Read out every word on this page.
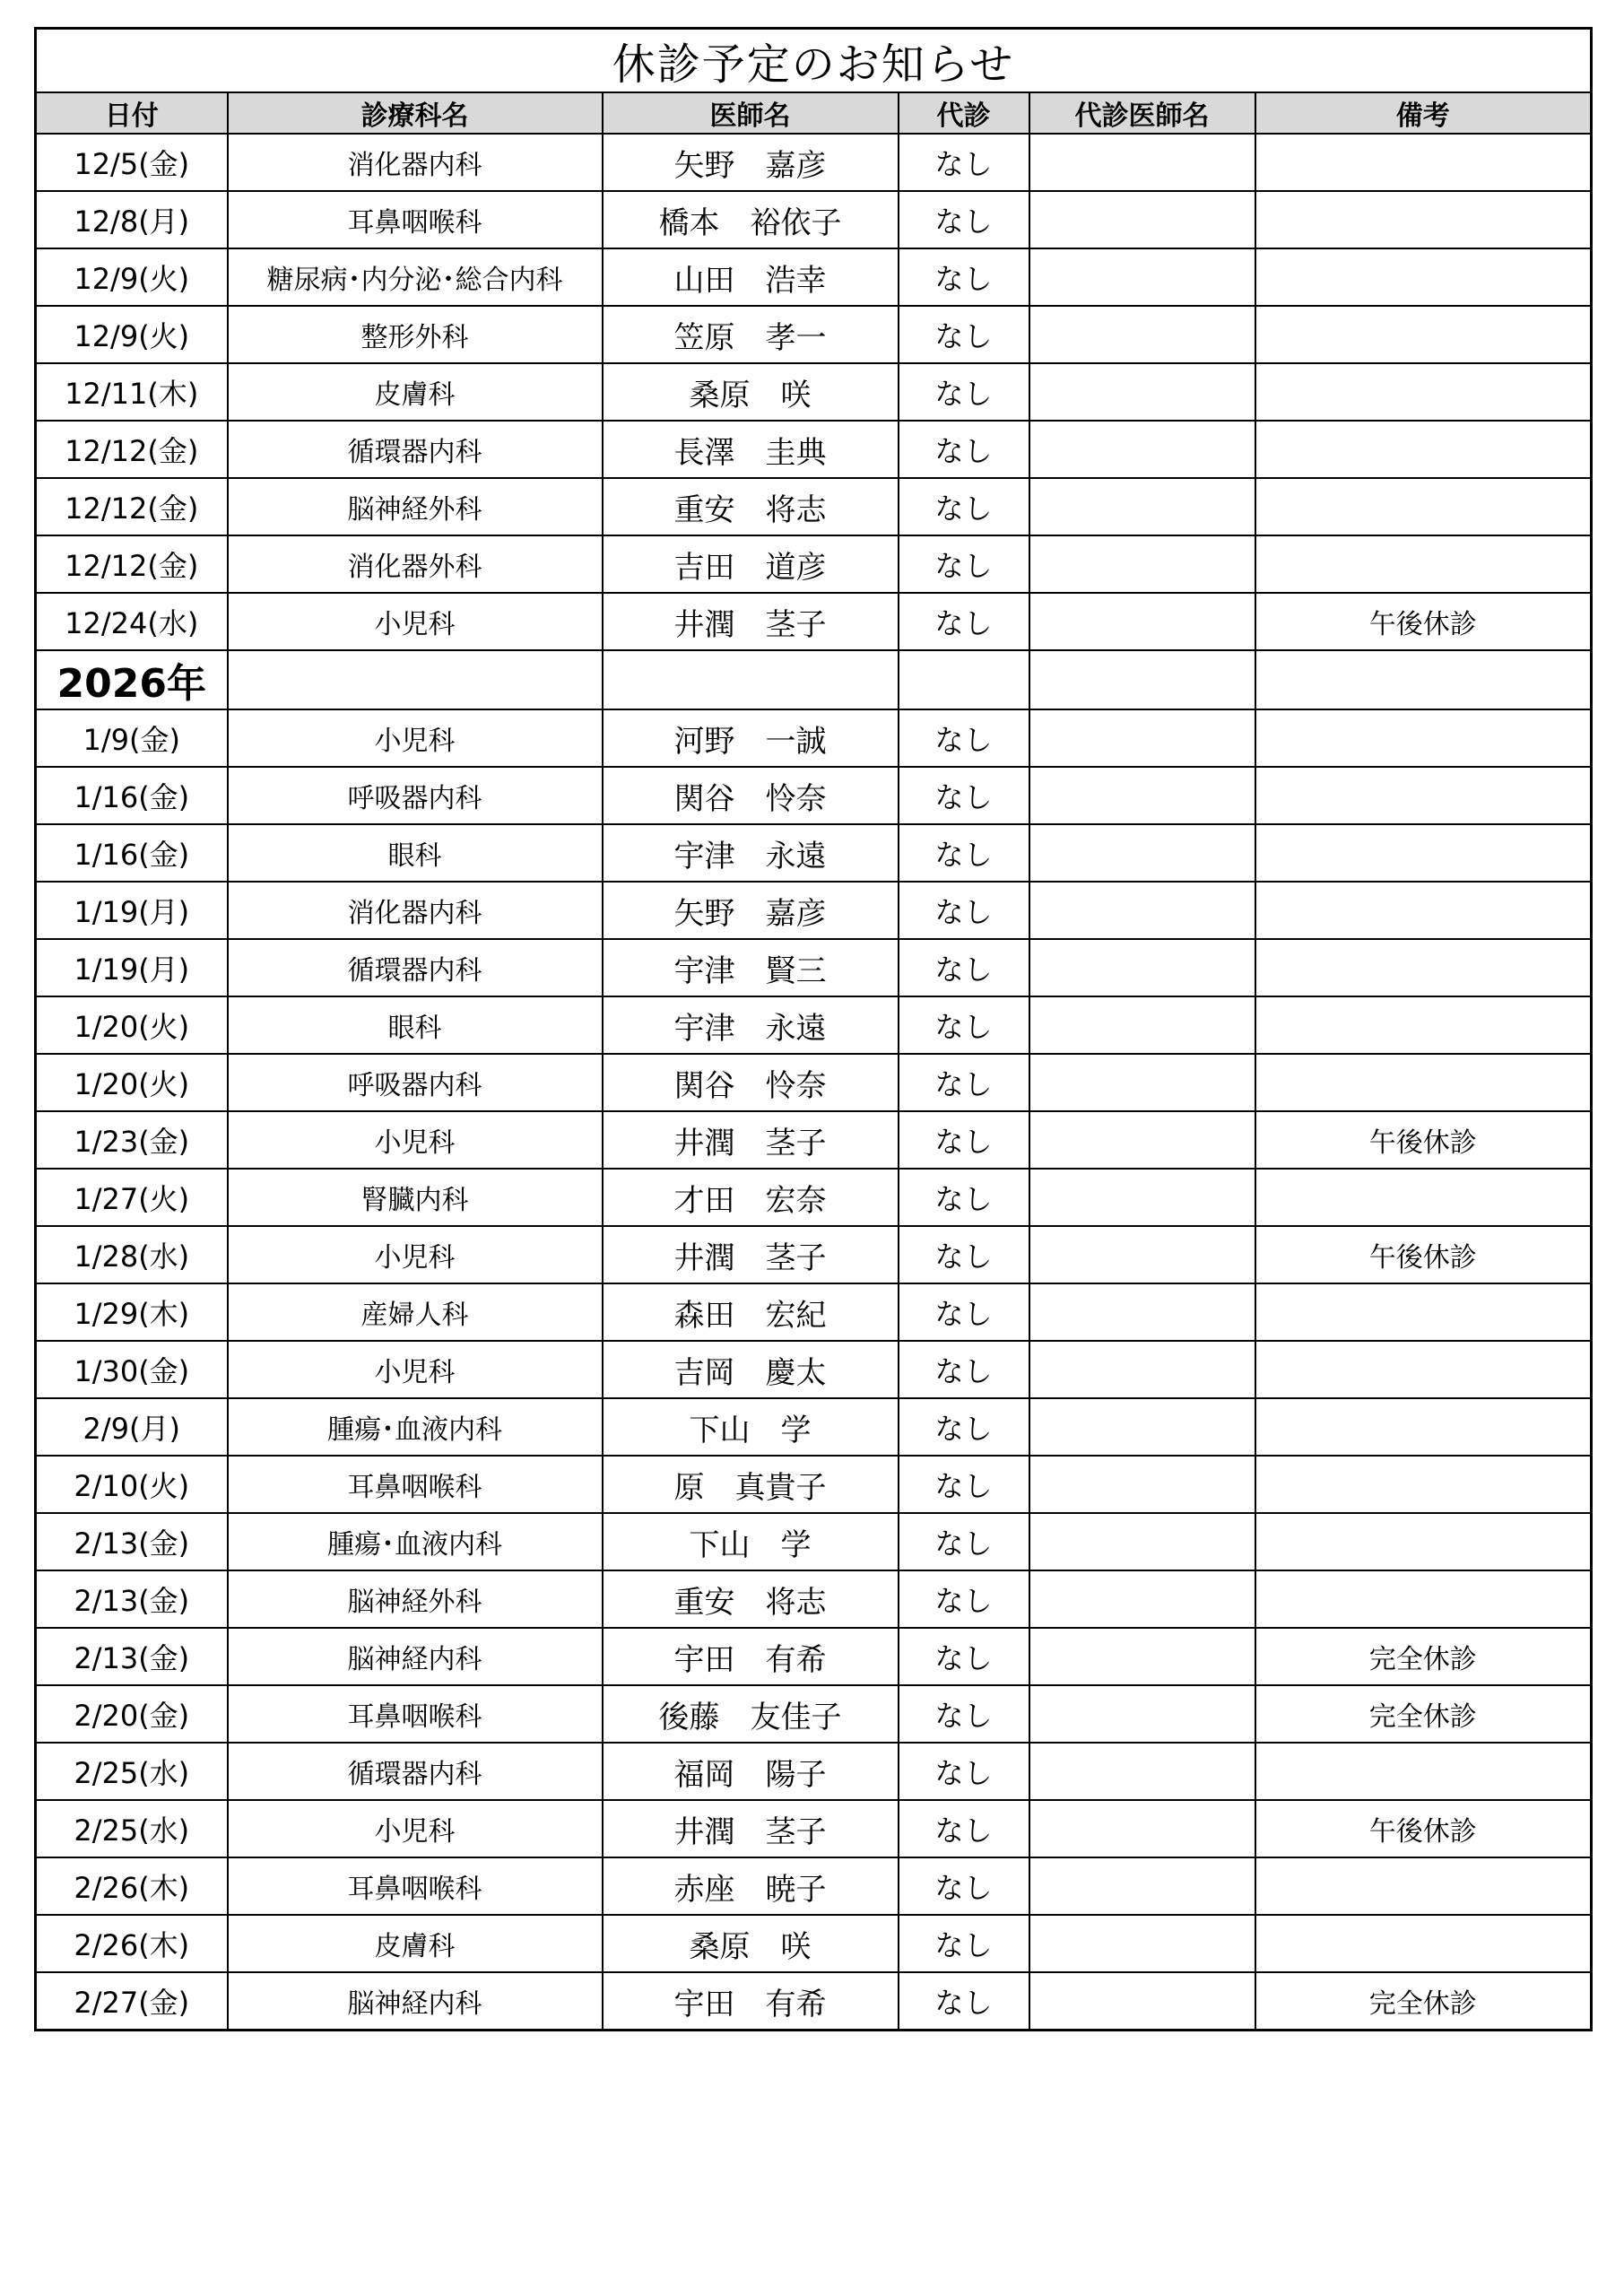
休診予定のお知らせ					
日付	診療科名	医師名	代診	代診医師名	備考
12/5(金)	消化器内科	矢野　嘉彦	なし		
12/8(月)	耳鼻咽喉科	橋本　裕依子	なし		
12/9(火)	糖尿病･内分泌･総合内科	山田　浩幸	なし		
12/9(火)	整形外科	笠原　孝一	なし		
12/11(木)	皮膚科	桑原　咲	なし		
12/12(金)	循環器内科	長澤　圭典	なし		
12/12(金)	脳神経外科	重安　将志	なし		
12/12(金)	消化器外科	吉田　道彦	なし		
12/24(水)	小児科	井潤　茎子	なし		午後休診
2026年					
1/9(金)	小児科	河野　一誠	なし		
1/16(金)	呼吸器内科	関谷　怜奈	なし		
1/16(金)	眼科	宇津　永遠	なし		
1/19(月)	消化器内科	矢野　嘉彦	なし		
1/19(月)	循環器内科	宇津　賢三	なし		
1/20(火)	眼科	宇津　永遠	なし		
1/20(火)	呼吸器内科	関谷　怜奈	なし		
1/23(金)	小児科	井潤　茎子	なし		午後休診
1/27(火)	腎臓内科	才田　宏奈	なし		
1/28(水)	小児科	井潤　茎子	なし		午後休診
1/29(木)	産婦人科	森田　宏紀	なし		
1/30(金)	小児科	吉岡　慶太	なし		
2/9(月)	腫瘍･血液内科	下山　学	なし		
2/10(火)	耳鼻咽喉科	原　真貴子	なし		
2/13(金)	腫瘍･血液内科	下山　学	なし		
2/13(金)	脳神経外科	重安　将志	なし		
2/13(金)	脳神経内科	宇田　有希	なし		完全休診
2/20(金)	耳鼻咽喉科	後藤　友佳子	なし		完全休診
2/25(水)	循環器内科	福岡　陽子	なし		
2/25(水)	小児科	井潤　茎子	なし		午後休診
2/26(木)	耳鼻咽喉科	赤座　暁子	なし		
2/26(木)	皮膚科	桑原　咲	なし		
2/27(金)	脳神経内科	宇田　有希	なし		完全休診
